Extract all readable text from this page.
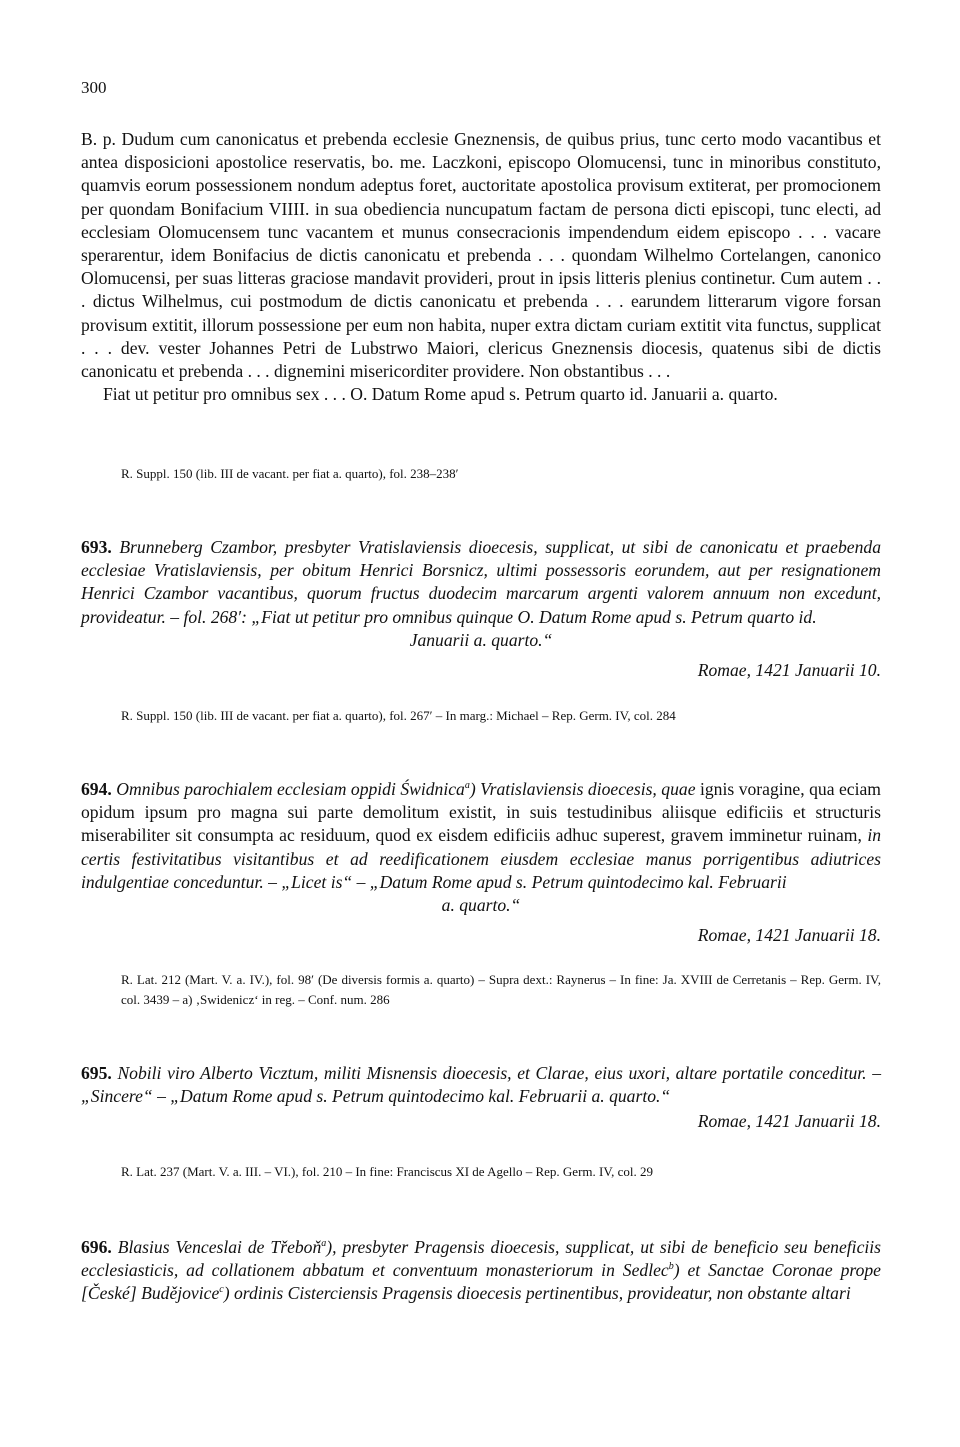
300

B. p. Dudum cum canonicatus et prebenda ecclesie Gneznensis, de quibus prius, tunc certo modo vacantibus et antea disposicioni apostolice reservatis, bo. me. Laczkoni, episcopo Olomucensi, tunc in minoribus constituto, quamvis eorum possessionem nondum adeptus foret, auctoritate apostolica provisum extiterat, per promocionem per quondam Bonifacium VIIII. in sua obediencia nuncupatum factam de persona dicti episcopi, tunc electi, ad ecclesiam Olomucensem tunc vacantem et munus consecracionis impendendum eidem episcopo . . . vacare sperarentur, idem Bonifacius de dictis canonicatu et prebenda . . . quondam Wilhelmo Cortelangen, canonico Olomucensi, per suas litteras graciose mandavit provideri, prout in ipsis litteris plenius continetur. Cum autem . . . dictus Wilhelmus, cui postmodum de dictis canonicatu et prebenda . . . earundem litterarum vigore forsan provisum extitit, illorum possessione per eum non habita, nuper extra dictam curiam extitit vita functus, supplicat . . . dev. vester Johannes Petri de Lubstrwo Maiori, clericus Gneznensis diocesis, quatenus sibi de dictis canonicatu et prebenda . . . dignemini misericorditer providere. Non obstantibus . . .

Fiat ut petitur pro omnibus sex . . . O. Datum Rome apud s. Petrum quarto id. Januarii a. quarto.

R. Suppl. 150 (lib. III de vacant. per fiat a. quarto), fol. 238–238′

693. Brunneberg Czambor, presbyter Vratislaviensis dioecesis, supplicat, ut sibi de canonicatu et praebenda ecclesiae Vratislaviensis, per obitum Henrici Borsnicz, ultimi possessoris eorundem, aut per resignationem Henrici Czambor vacantibus, quorum fructus duodecim marcarum argenti valorem annuum non excedunt, provideatur. – fol. 268′: „Fiat ut petitur pro omnibus quinque O. Datum Rome apud s. Petrum quarto id.

Januarii a. quarto.“

Romae, 1421 Januarii 10.

R. Suppl. 150 (lib. III de vacant. per fiat a. quarto), fol. 267′ – In marg.: Michael – Rep. Germ. IV, col. 284

694. Omnibus parochialem ecclesiam oppidi Świdnica$^a$) Vratislaviensis dioecesis, quae ignis voragine, qua eciam opidum ipsum pro magna sui parte demolitum existit, in suis testudinibus aliisque edificiis et structuris miserabiliter sit consumpta ac residuum, quod ex eisdem edificiis adhuc superest, gravem imminetur ruinam, in certis festivitatibus visitantibus et ad reedificationem eiusdem ecclesiae manus porrigentibus adiutrices indulgentiae conceduntur. – „Licet is“ – „Datum Rome apud s. Petrum quintodecimo kal. Februarii

a. quarto.“

Romae, 1421 Januarii 18.

R. Lat. 212 (Mart. V. a. IV.), fol. 98′ (De diversis formis a. quarto) – Supra dext.: Raynerus – In fine: Ja. XVIII de Cerretanis – Rep. Germ. IV, col. 3439 – a) ‚Swidenicz‘ in reg. – Conf. num. 286

695. Nobili viro Alberto Vicztum, militi Misnensis dioecesis, et Clarae, eius uxori, altare portatile conceditur. – „Sincere“ – „Datum Rome apud s. Petrum quintodecimo kal. Februarii a. quarto.“

Romae, 1421 Januarii 18.

R. Lat. 237 (Mart. V. a. III. – VI.), fol. 210 – In fine: Franciscus XI de Agello – Rep. Germ. IV, col. 29

696. Blasius Venceslai de Třeboň$^a$), presbyter Pragensis dioecesis, supplicat, ut sibi de beneficio seu beneficiis ecclesiasticis, ad collationem abbatum et conventuum monasteriorum in Sedlec$^b$) et Sanctae Coronae prope [České] Budějovice$^c$) ordinis Cisterciensis Pragensis dioecesis pertinentibus, provideatur, non obstante altari
